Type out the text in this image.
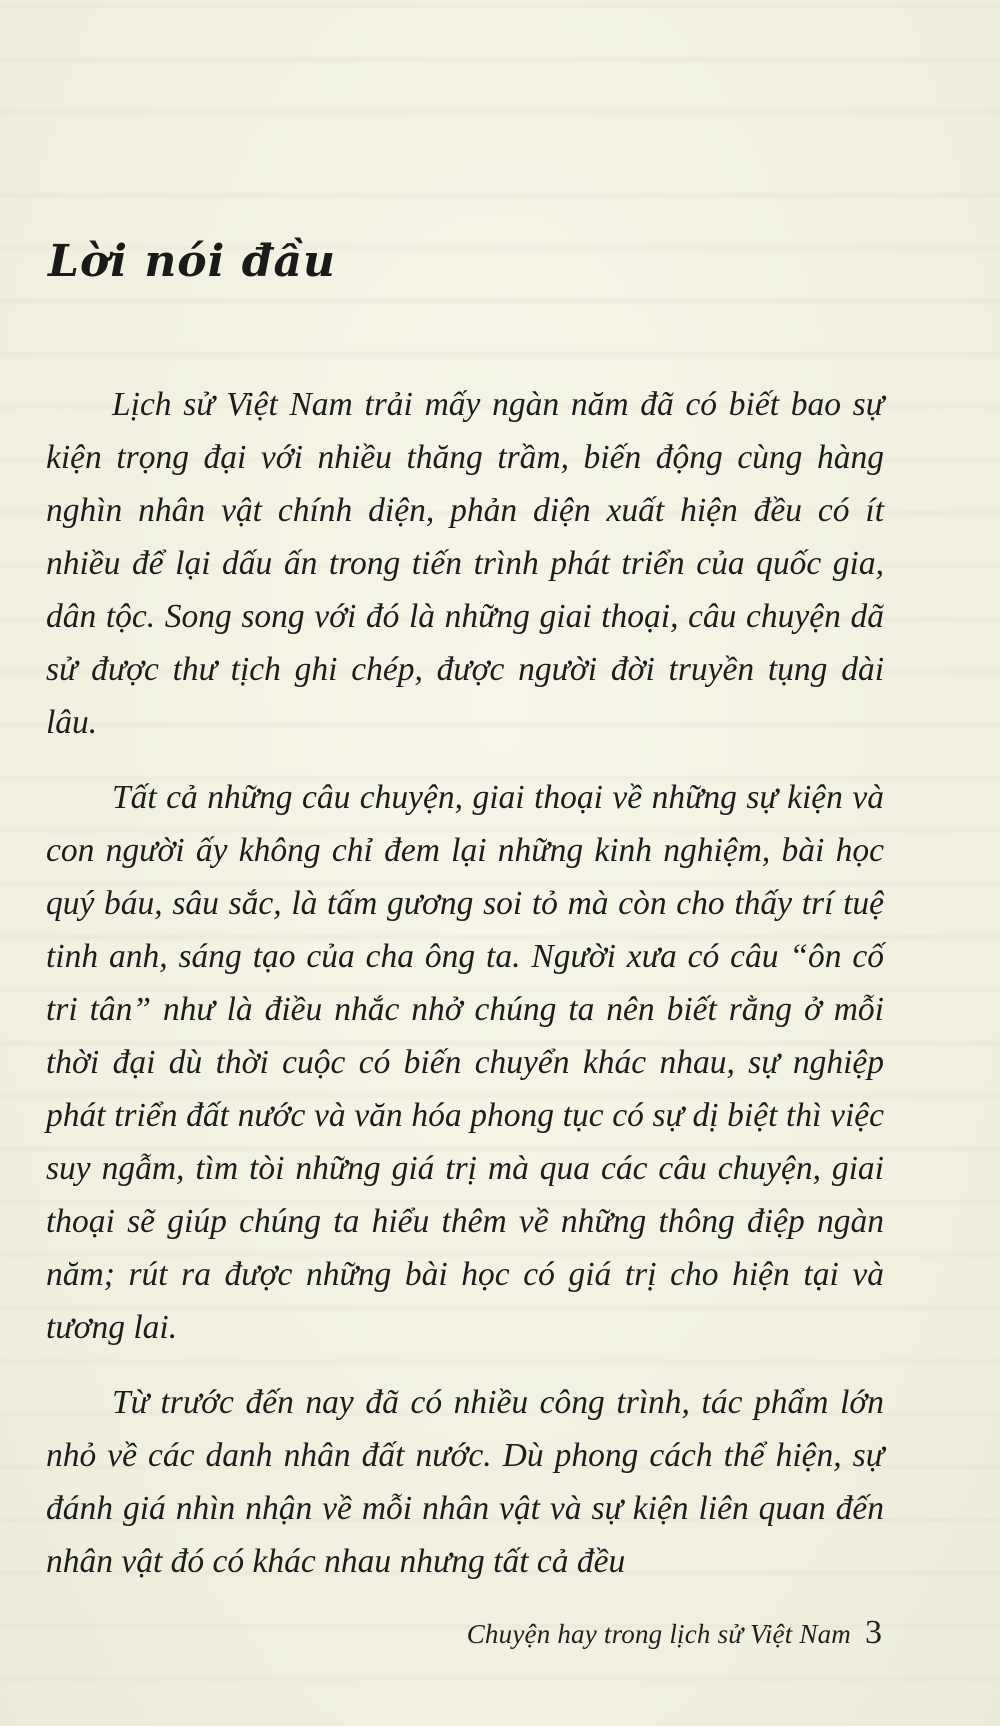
Lời nói đầu

Lịch sử Việt Nam trải mấy ngàn năm đã có biết bao sự kiện trọng đại với nhiều thăng trầm, biến động cùng hàng nghìn nhân vật chính diện, phản diện xuất hiện đều có ít nhiều để lại dấu ấn trong tiến trình phát triển của quốc gia, dân tộc. Song song với đó là những giai thoại, câu chuyện dã sử được thư tịch ghi chép, được người đời truyền tụng dài lâu.

Tất cả những câu chuyện, giai thoại về những sự kiện và con người ấy không chỉ đem lại những kinh nghiệm, bài học quý báu, sâu sắc, là tấm gương soi tỏ mà còn cho thấy trí tuệ tinh anh, sáng tạo của cha ông ta. Người xưa có câu “ôn cố tri tân” như là điều nhắc nhở chúng ta nên biết rằng ở mỗi thời đại dù thời cuộc có biến chuyển khác nhau, sự nghiệp phát triển đất nước và văn hóa phong tục có sự dị biệt thì việc suy ngẫm, tìm tòi những giá trị mà qua các câu chuyện, giai thoại sẽ giúp chúng ta hiểu thêm về những thông điệp ngàn năm; rút ra được những bài học có giá trị cho hiện tại và tương lai.

Từ trước đến nay đã có nhiều công trình, tác phẩm lớn nhỏ về các danh nhân đất nước. Dù phong cách thể hiện, sự đánh giá nhìn nhận về mỗi nhân vật và sự kiện liên quan đến nhân vật đó có khác nhau nhưng tất cả đều

Chuyện hay trong lịch sử Việt Nam 3
